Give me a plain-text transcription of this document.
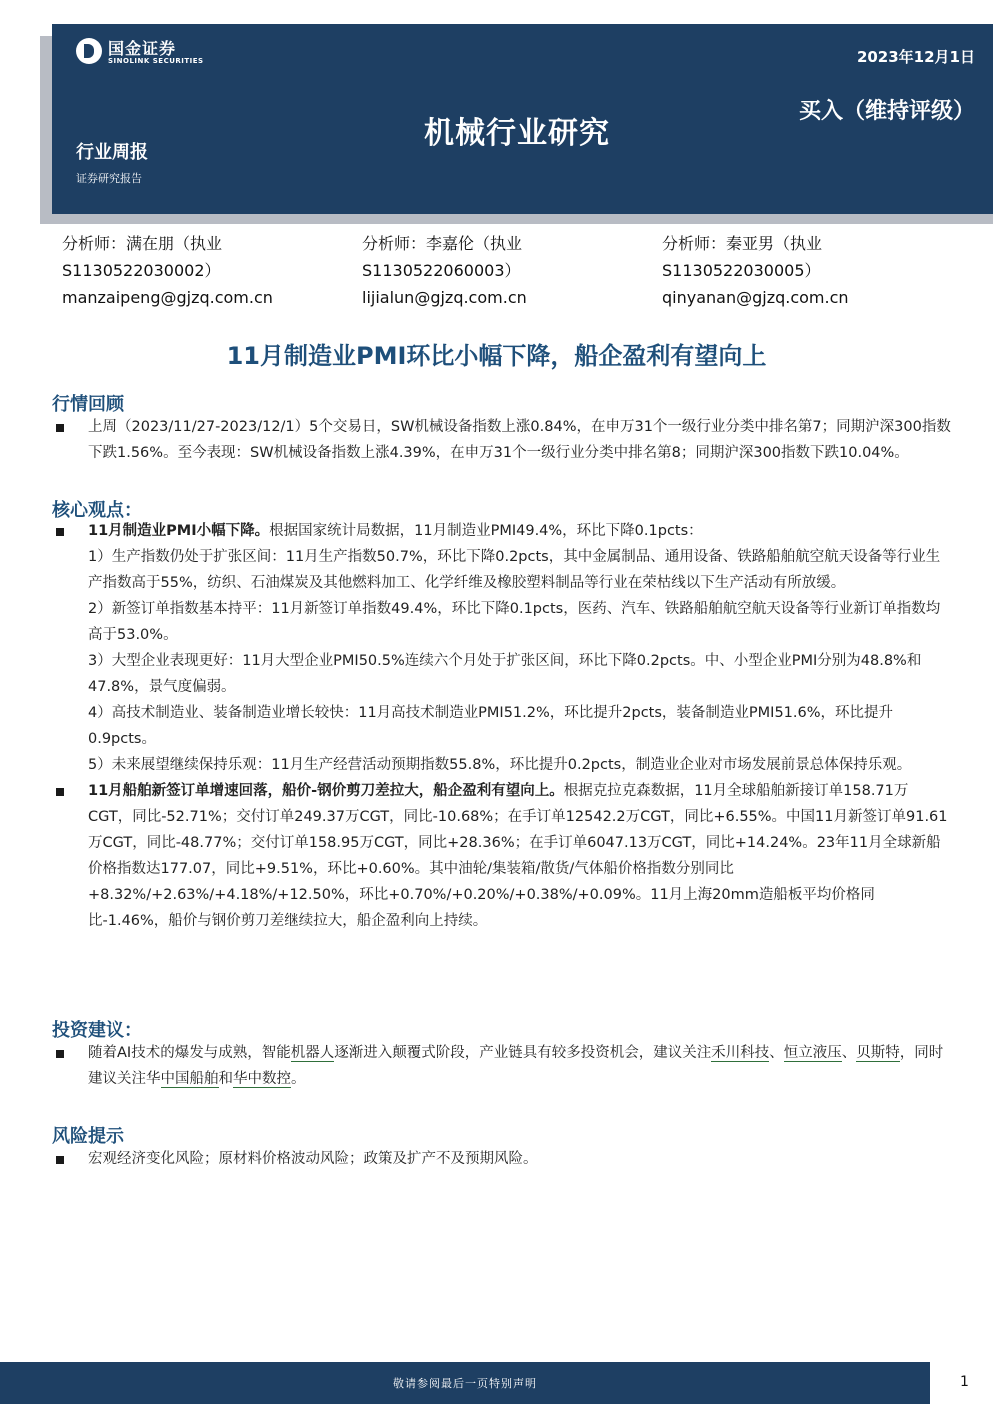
国金证券
SINOLINK SECURITIES	2023年12月1日
买入（维持评级）
机械行业研究
行业周报
证券研究报告
分析师：满在朋（执业
S1130522030002）
manzaipeng@gjzq.com.cn
分析师：李嘉伦（执业
S1130522060003）
lijialun@gjzq.com.cn
分析师：秦亚男（执业
S1130522030005）
qinyanan@gjzq.com.cn
11月制造业PMI环比小幅下降，船企盈利有望向上
行情回顾
上周（2023/11/27-2023/12/1）5个交易日，SW机械设备指数上涨0.84%，在申万31个一级行业分类中排名第7；同期沪深300指数下跌1.56%。至今表现：SW机械设备指数上涨4.39%，在申万31个一级行业分类中排名第8；同期沪深300指数下跌10.04%。
核心观点：
11月制造业PMI小幅下降。根据国家统计局数据，11月制造业PMI49.4%，环比下降0.1pcts：
1）生产指数仍处于扩张区间：11月生产指数50.7%，环比下降0.2pcts，其中金属制品、通用设备、铁路船舶航空航天设备等行业生产指数高于55%，纺织、石油煤炭及其他燃料加工、化学纤维及橡胶塑料制品等行业在荣枯线以下生产活动有所放缓。
2）新签订单指数基本持平：11月新签订单指数49.4%，环比下降0.1pcts，医药、汽车、铁路船舶航空航天设备等行业新订单指数均高于53.0%。
3）大型企业表现更好：11月大型企业PMI50.5%连续六个月处于扩张区间，环比下降0.2pcts。中、小型企业PMI分别为48.8%和47.8%，景气度偏弱。
4）高技术制造业、装备制造业增长较快：11月高技术制造业PMI51.2%，环比提升2pcts，装备制造业PMI51.6%，环比提升0.9pcts。
5）未来展望继续保持乐观：11月生产经营活动预期指数55.8%，环比提升0.2pcts，制造业企业对市场发展前景总体保持乐观。
11月船舶新签订单增速回落，船价-钢价剪刀差拉大，船企盈利有望向上。根据克拉克森数据，11月全球船舶新接订单158.71万CGT，同比-52.71%；交付订单249.37万CGT，同比-10.68%；在手订单12542.2万CGT，同比+6.55%。中国11月新签订单91.61万CGT，同比-48.77%；交付订单158.95万CGT，同比+28.36%；在手订单6047.13万CGT，同比+14.24%。23年11月全球新船价格指数达177.07，同比+9.51%，环比+0.60%。其中油轮/集装箱/散货/气体船价格指数分别同比+8.32%/+2.63%/+4.18%/+12.50%，环比+0.70%/+0.20%/+0.38%/+0.09%。11月上海20mm造船板平均价格同比-1.46%，船价与钢价剪刀差继续拉大，船企盈利向上持续。
投资建议：
随着AI技术的爆发与成熟，智能机器人逐渐进入颠覆式阶段，产业链具有较多投资机会，建议关注禾川科技、恒立液压、贝斯特，同时建议关注华中国船舶和华中数控。
风险提示
宏观经济变化风险；原材料价格波动风险；政策及扩产不及预期风险。
敬请参阅最后一页特别声明	1
